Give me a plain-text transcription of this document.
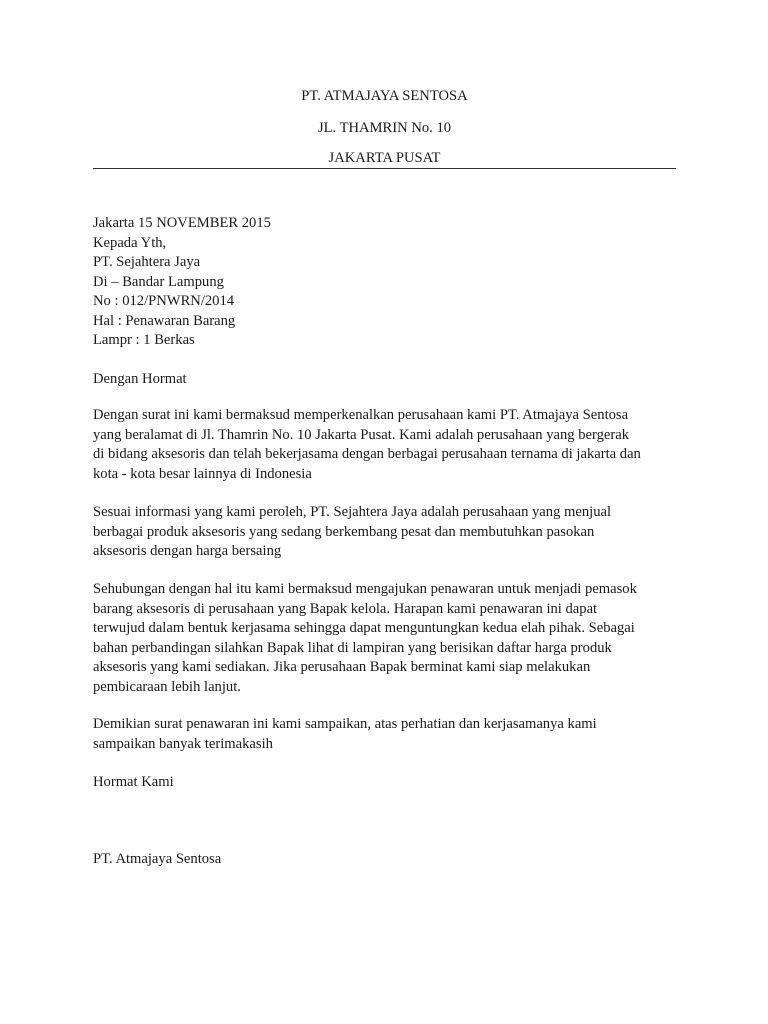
PT. ATMAJAYA SENTOSA
JL. THAMRIN No. 10
JAKARTA PUSAT
Jakarta 15 NOVEMBER 2015
Kepada Yth,
PT. Sejahtera Jaya
Di – Bandar Lampung
No : 012/PNWRN/2014
Hal : Penawaran Barang
Lampr : 1 Berkas
Dengan Hormat
Dengan surat ini kami bermaksud memperkenalkan perusahaan kami PT. Atmajaya Sentosa
yang beralamat di Jl. Thamrin No. 10 Jakarta Pusat. Kami adalah perusahaan yang bergerak
di bidang aksesoris dan telah bekerjasama dengan berbagai perusahaan ternama di jakarta dan
kota - kota besar lainnya di Indonesia
Sesuai informasi yang kami peroleh, PT. Sejahtera Jaya adalah perusahaan yang menjual
berbagai produk aksesoris yang sedang berkembang pesat dan membutuhkan pasokan
aksesoris dengan harga bersaing
Sehubungan dengan hal itu kami bermaksud mengajukan penawaran untuk menjadi pemasok
barang aksesoris di perusahaan yang Bapak kelola. Harapan kami penawaran ini dapat
terwujud dalam bentuk kerjasama sehingga dapat menguntungkan kedua elah pihak. Sebagai
bahan perbandingan silahkan Bapak lihat di lampiran yang berisikan daftar harga produk
aksesoris yang kami sediakan. Jika perusahaan Bapak berminat kami siap melakukan
pembicaraan lebih lanjut.
Demikian surat penawaran ini kami sampaikan, atas perhatian dan kerjasamanya kami
sampaikan banyak terimakasih
Hormat Kami
PT. Atmajaya Sentosa
